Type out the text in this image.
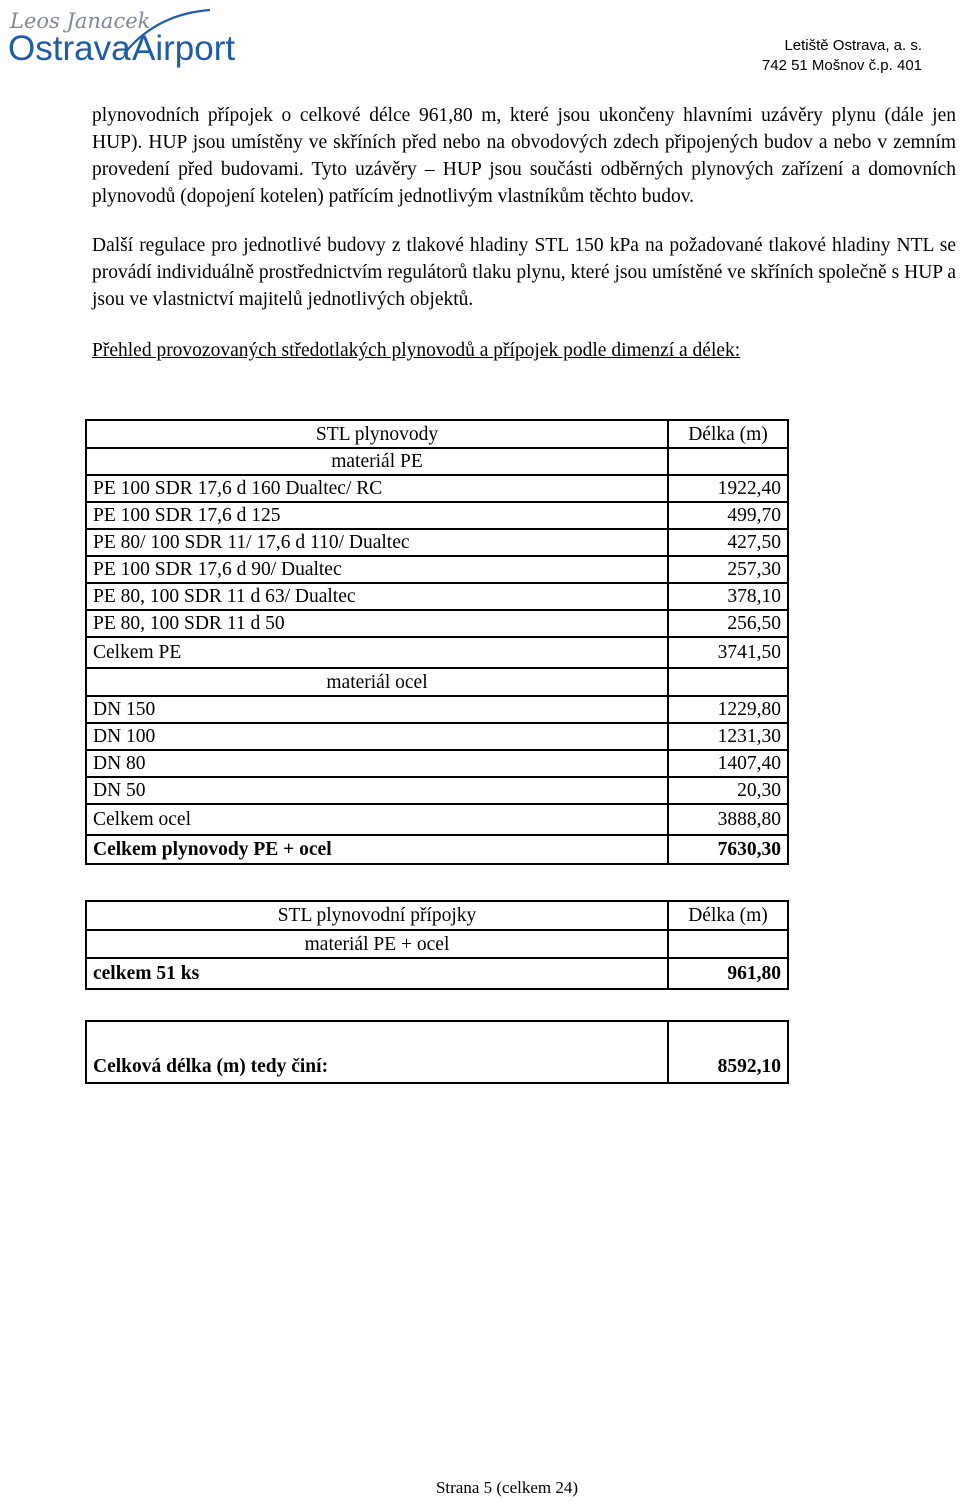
Leos Janacek
Ostrava Airport	Letiště Ostrava, a. s.
742 51 Mošnov č.p. 401

plynovodních přípojek o celkové délce 961,80 m, které jsou ukončeny hlavními uzávěry plynu (dále jen HUP). HUP jsou umístěny ve skříních před nebo na obvodových zdech připojených budov a nebo v zemním provedení před budovami. Tyto uzávěry – HUP jsou součásti odběrných plynových zařízení a domovních plynovodů (dopojení kotelen) patřícím jednotlivým vlastníkům těchto budov.

Další regulace pro jednotlivé budovy z tlakové hladiny STL 150 kPa na požadované tlakové hladiny NTL se provádí individuálně prostřednictvím regulátorů tlaku plynu, které jsou umístěné ve skříních společně s HUP a jsou ve vlastnictví majitelů jednotlivých objektů.

Přehled provozovaných středotlakých plynovodů a přípojek podle dimenzí a délek:
STL plynovody	Délka (m)
materiál PE	
PE 100 SDR 17,6 d 160 Dualtec/ RC	1922,40
PE 100 SDR 17,6 d 125	499,70
PE 80/ 100 SDR 11/ 17,6 d 110/ Dualtec	427,50
PE 100 SDR 17,6 d 90/ Dualtec	257,30
PE 80, 100 SDR 11 d 63/ Dualtec	378,10
PE 80, 100 SDR 11 d 50	256,50
Celkem PE	3741,50
materiál ocel	
DN 150	1229,80
DN 100	1231,30
DN 80	1407,40
DN 50	20,30
Celkem ocel	3888,80
Celkem plynovody PE + ocel	7630,30
STL plynovodní přípojky	Délka (m)
materiál PE + ocel	
celkem 51 ks	961,80
Celková délka (m) tedy činí:	8592,10
Strana 5 (celkem 24)
